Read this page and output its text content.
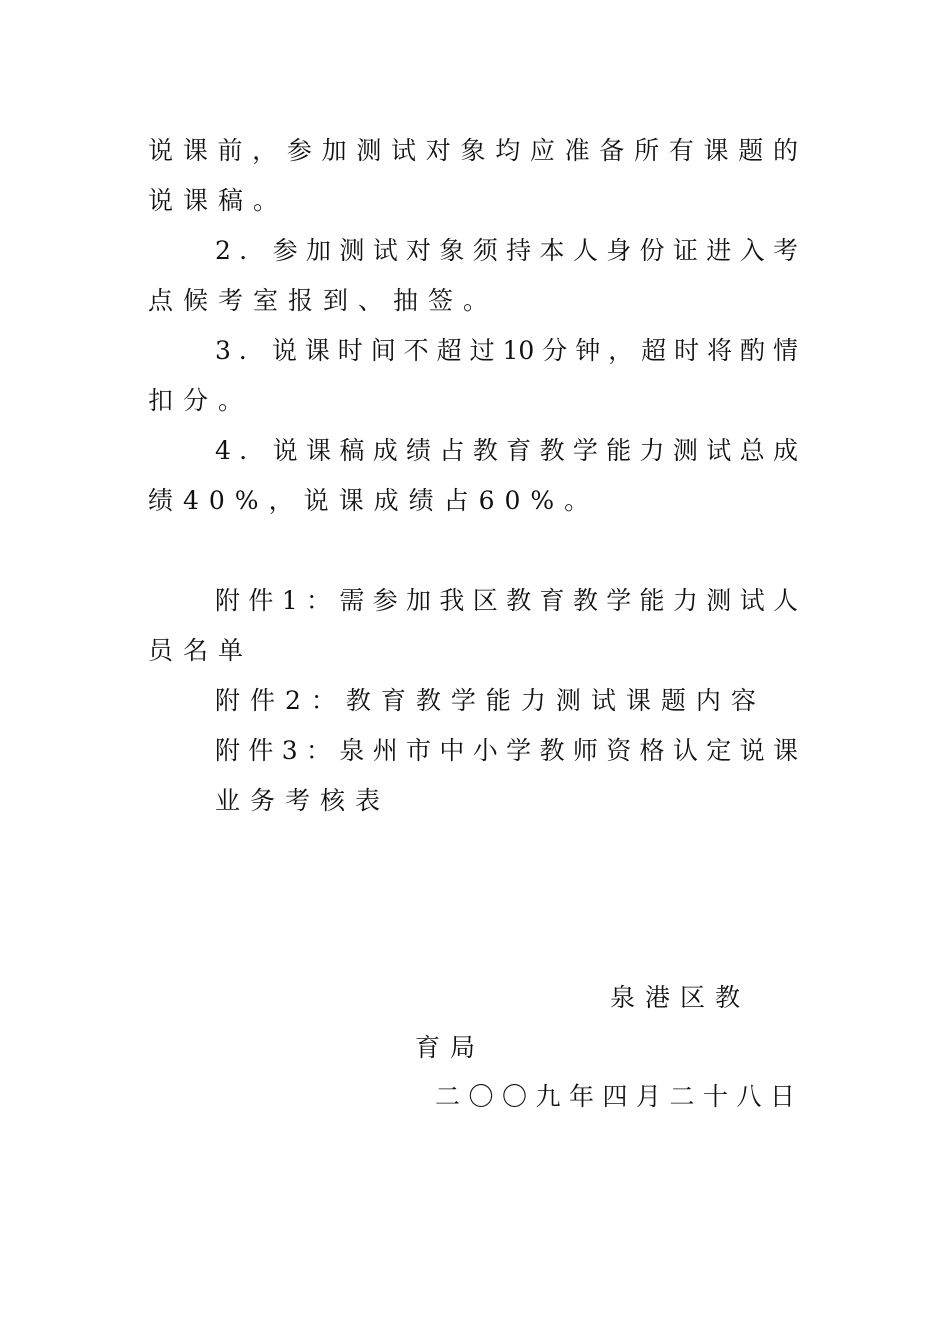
说课前，参加测试对象均应准备所有课题的
说课稿。
2．参加测试对象须持本人身份证进入考
点候考室报到、抽签。
3．说课时间不超过10分钟，超时将酌情
扣分。
4．说课稿成绩占教育教学能力测试总成
绩40%，说课成绩占60%。
附件1：需参加我区教育教学能力测试人
员名单
附件2：教育教学能力测试课题内容
附件3：泉州市中小学教师资格认定说课
业务考核表
泉港区教
育局
二〇〇九年四月二十八日
